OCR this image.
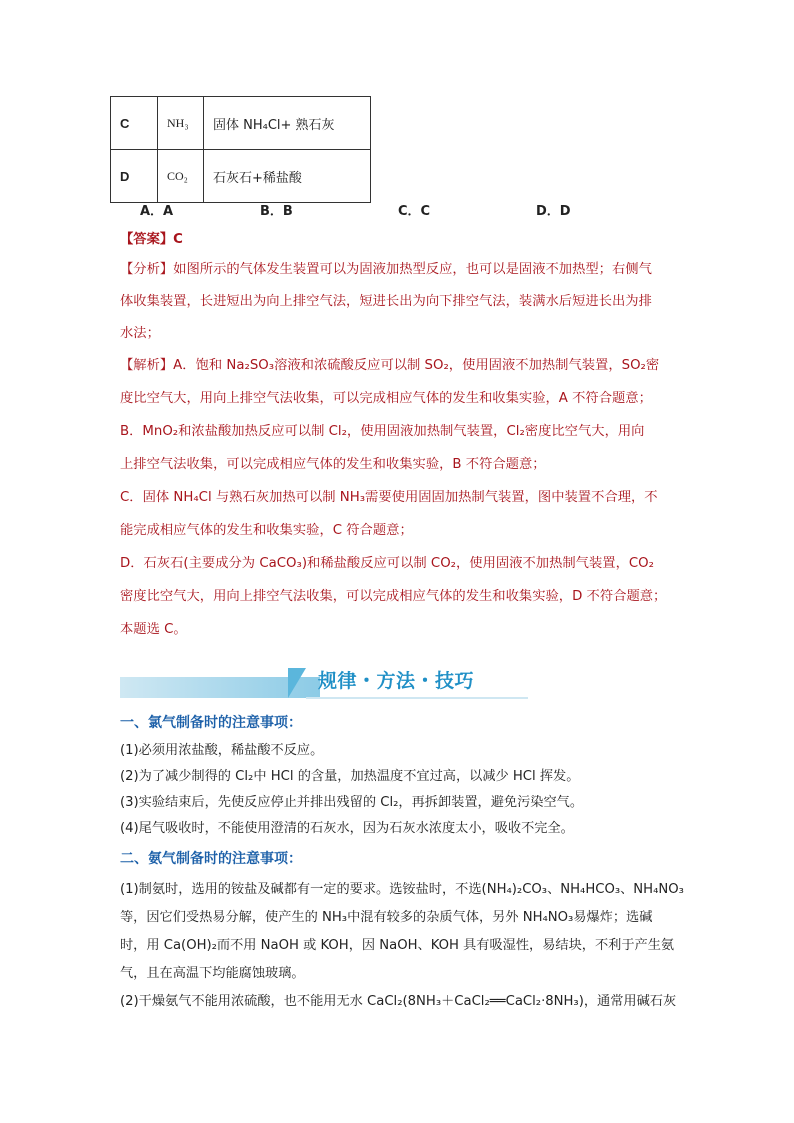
C	NH₃	固体 NH₄Cl+ 熟石灰
D	CO₂	石灰石+稀盐酸
A．A	B．B	C．C	D．D
【答案】C
【分析】如图所示的气体发生装置可以为固液加热型反应，也可以是固液不加热型；右侧气
体收集装置，长进短出为向上排空气法，短进长出为向下排空气法，装满水后短进长出为排
水法；
【解析】A．饱和 Na₂SO₃溶液和浓硫酸反应可以制 SO₂，使用固液不加热制气装置，SO₂密
度比空气大，用向上排空气法收集，可以完成相应气体的发生和收集实验，A 不符合题意；
B．MnO₂和浓盐酸加热反应可以制 Cl₂，使用固液加热制气装置，Cl₂密度比空气大，用向
上排空气法收集，可以完成相应气体的发生和收集实验，B 不符合题意；
C．固体 NH₄Cl 与熟石灰加热可以制 NH₃需要使用固固加热制气装置，图中装置不合理，不
能完成相应气体的发生和收集实验，C 符合题意；
D．石灰石(主要成分为 CaCO₃)和稀盐酸反应可以制 CO₂，使用固液不加热制气装置，CO₂
密度比空气大，用向上排空气法收集，可以完成相应气体的发生和收集实验，D 不符合题意；
本题选 C。
规律・方法・技巧
一、氯气制备时的注意事项：
(1)必须用浓盐酸，稀盐酸不反应。
(2)为了减少制得的 Cl₂中 HCl 的含量，加热温度不宜过高，以减少 HCl 挥发。
(3)实验结束后，先使反应停止并排出残留的 Cl₂，再拆卸装置，避免污染空气。
(4)尾气吸收时，不能使用澄清的石灰水，因为石灰水浓度太小，吸收不完全。
二、氨气制备时的注意事项：
(1)制氨时，选用的铵盐及碱都有一定的要求。选铵盐时，不选(NH₄)₂CO₃、NH₄HCO₃、NH₄NO₃
等，因它们受热易分解，使产生的 NH₃中混有较多的杂质气体，另外 NH₄NO₃易爆炸；选碱
时，用 Ca(OH)₂而不用 NaOH 或 KOH，因 NaOH、KOH 具有吸湿性，易结块，不利于产生氨
气，且在高温下均能腐蚀玻璃。
(2)干燥氨气不能用浓硫酸，也不能用无水 CaCl₂(8NH₃＋CaCl₂══CaCl₂·8NH₃)，通常用碱石灰
